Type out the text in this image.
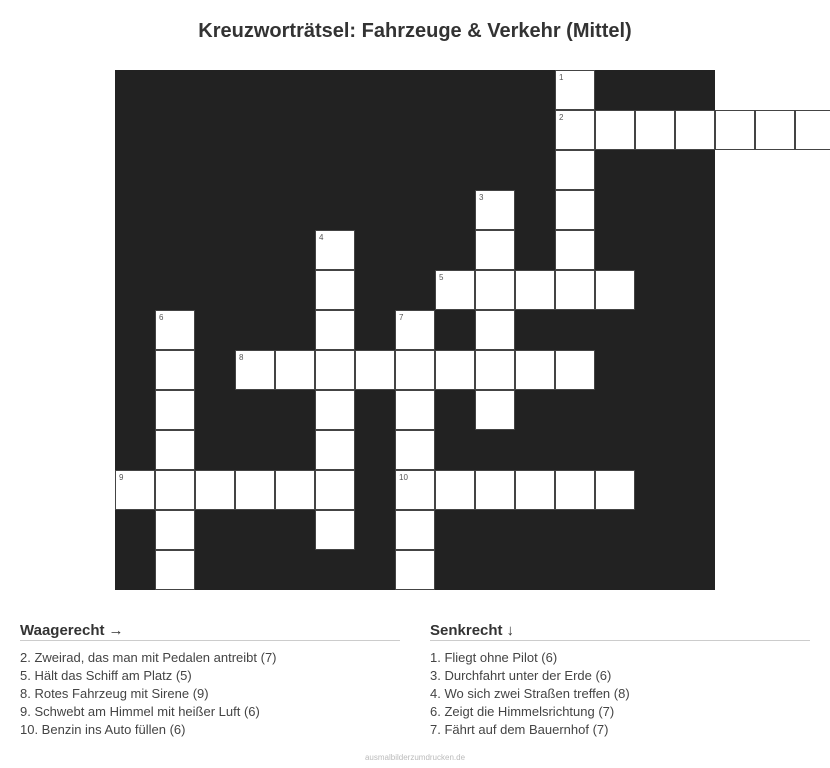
Kreuzworträtsel: Fahrzeuge & Verkehr (Mittel)
2
5
8
9	10
1
3
4
6	7
Waagerecht →
2. Zweirad, das man mit Pedalen antreibt (7)
5. Hält das Schiff am Platz (5)
8. Rotes Fahrzeug mit Sirene (9)
9. Schwebt am Himmel mit heißer Luft (6)
10. Benzin ins Auto füllen (6)
Senkrecht ↓
1. Fliegt ohne Pilot (6)
3. Durchfahrt unter der Erde (6)
4. Wo sich zwei Straßen treffen (8)
6. Zeigt die Himmelsrichtung (7)
7. Fährt auf dem Bauernhof (7)
ausmalbilderzumdrucken.de
